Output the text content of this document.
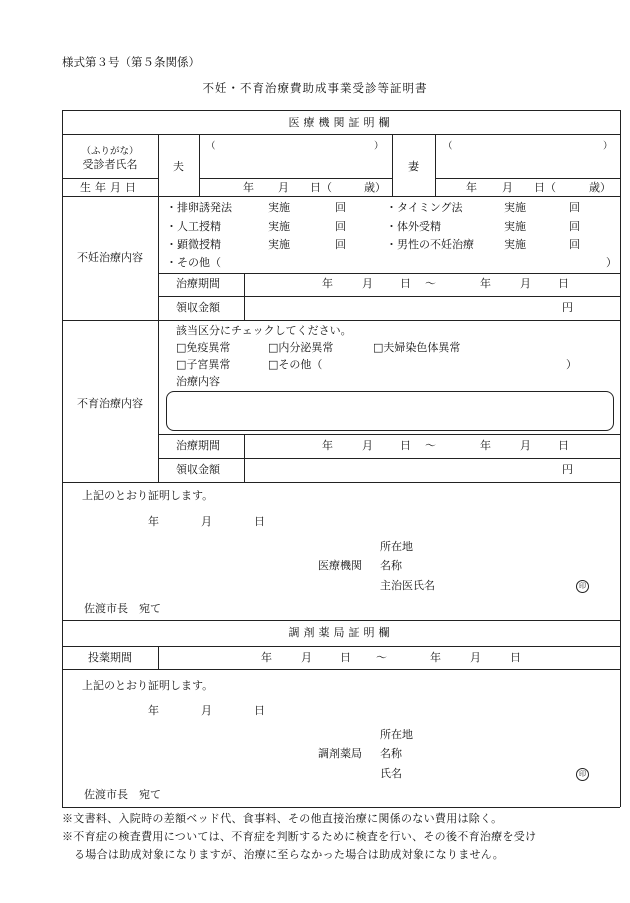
様式第３号（第５条関係）
不妊・不育治療費助成事業受診等証明書
医療機関証明欄
（ふりがな）
受診者氏名	夫	妻
（	）	（	）
生年月日	年 月 日（	歳）	年 月 日（	歳）
不妊治療内容
・排卵誘発法	実施	回
・人工授精	実施	回
・顕微授精	実施	回
・タイミング法	実施	回
・体外受精	実施	回
・男性の不妊治療	実施	回
・その他（	）
治療期間	年	月 日 ～	年	月 日
領収金額	円
不育治療内容
該当区分にチェックしてください。
□免疫異常	□内分泌異常	□夫婦染色体異常
□子宮異常	□その他（	）
治療内容
治療期間	年	月 日 ～	年	月 日
領収金額	円
上記のとおり証明します。
年	月	日
所在地
医療機関 名称
主治医氏名	印
佐渡市長　宛て
調剤薬局証明欄
投薬期間	年	月	日 ～	年	月	日
上記のとおり証明します。
年	月	日
所在地
調剤薬局 名称
氏名	印
佐渡市長　宛て
※文書料、入院時の差額ベッド代、食事料、その他直接治療に関係のない費用は除く。
※不育症の検査費用については、不育症を判断するために検査を行い、その後不育治療を受け
る場合は助成対象になりますが、治療に至らなかった場合は助成対象になりません。
